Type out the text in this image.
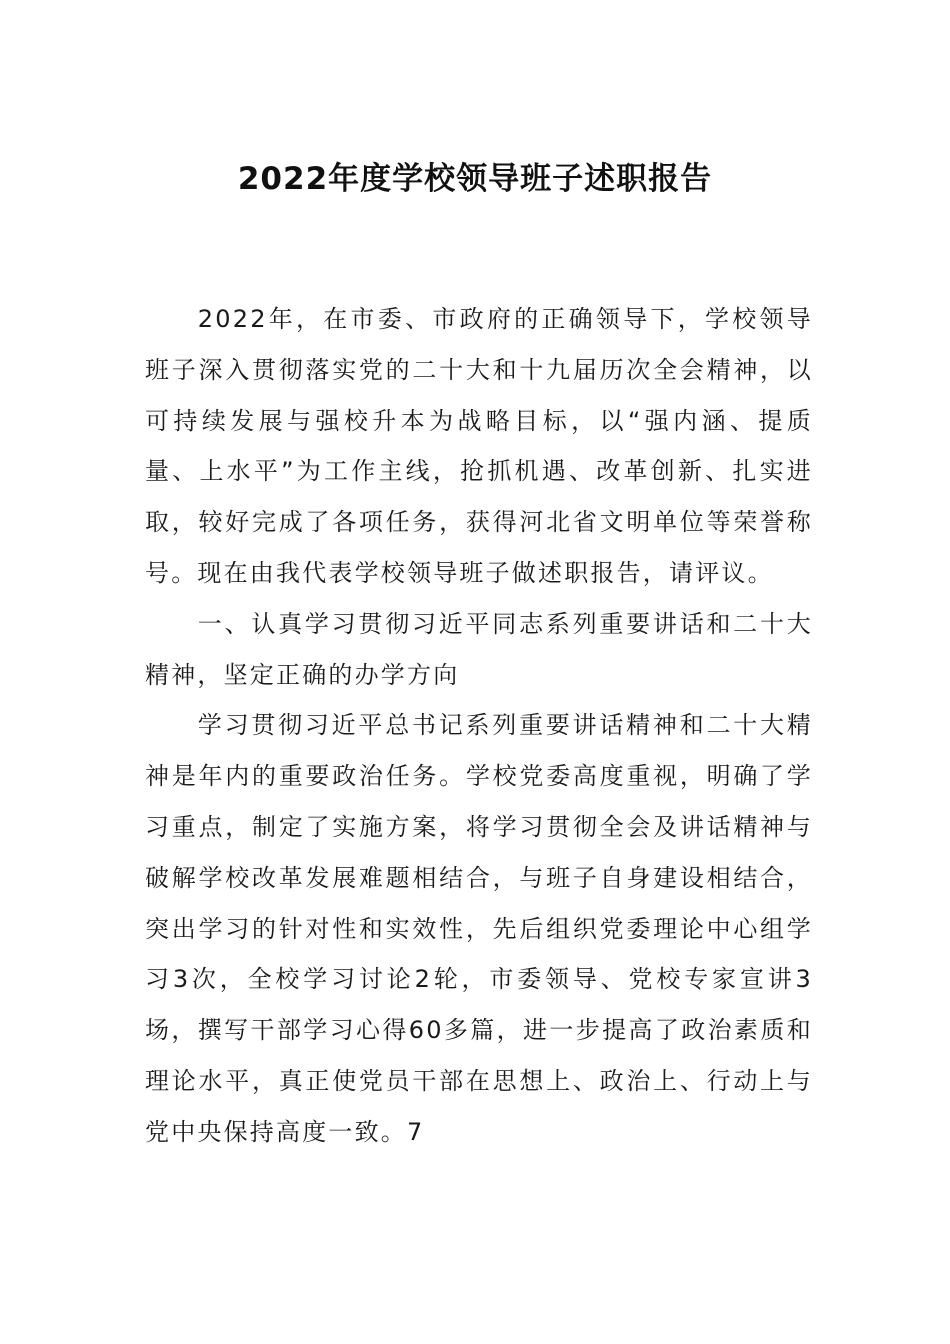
2022年度学校领导班子述职报告

2022年，在市委、市政府的正确领导下，学校领导班子深入贯彻落实党的二十大和十九届历次全会精神，以可持续发展与强校升本为战略目标，以“强内涵、提质量、上水平”为工作主线，抢抓机遇、改革创新、扎实进取，较好完成了各项任务，获得河北省文明单位等荣誉称号。现在由我代表学校领导班子做述职报告，请评议。

一、认真学习贯彻习近平同志系列重要讲话和二十大精神，坚定正确的办学方向

学习贯彻习近平总书记系列重要讲话精神和二十大精神是年内的重要政治任务。学校党委高度重视，明确了学习重点，制定了实施方案，将学习贯彻全会及讲话精神与破解学校改革发展难题相结合，与班子自身建设相结合，突出学习的针对性和实效性，先后组织党委理论中心组学习3次，全校学习讨论2轮，市委领导、党校专家宣讲3场，撰写干部学习心得60多篇，进一步提高了政治素质和理论水平，真正使党员干部在思想上、政治上、行动上与党中央保持高度一致。7
